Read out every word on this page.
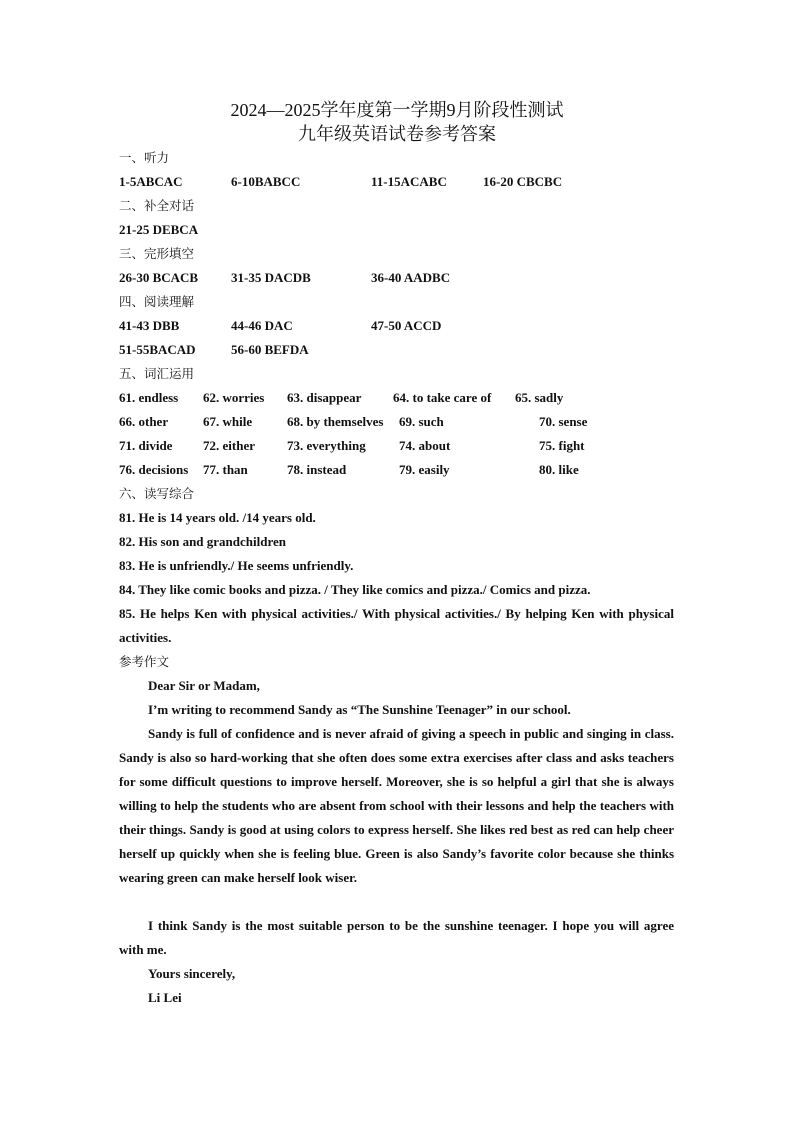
2024—2025学年度第一学期9月阶段性测试
九年级英语试卷参考答案
一、听力
1-5ABCAC	6-10BABCC	11-15ACABC	16-20 CBCBC
二、补全对话
21-25 DEBCA
三、完形填空
26-30 BCACB	31-35 DACDB	36-40 AADBC
四、阅读理解
41-43 DBB	44-46 DAC	47-50 ACCD
51-55BACAD	56-60 BEFDA
五、词汇运用
61. endless 62. worries 63. disappear 64. to take care of 65. sadly
66. other	67. while	68. by themselves 69. such	70. sense
71. divide 72. either 73. everything	74. about	75. fight
76. decisions 77. than	78. instead	79. easily	80. like
六、读写综合
81. He is 14 years old. /14 years old.
82. His son and grandchildren
83. He is unfriendly./ He seems unfriendly.
84. They like comic books and pizza. / They like comics and pizza./ Comics and pizza.
85. He helps Ken with physical activities./ With physical activities./ By helping Ken with physical activities.
参考作文
Dear Sir or Madam,
I’m writing to recommend Sandy as “The Sunshine Teenager” in our school.
Sandy is full of confidence and is never afraid of giving a speech in public and singing in class. Sandy is also so hard-working that she often does some extra exercises after class and asks teachers for some difficult questions to improve herself. Moreover, she is so helpful a girl that she is always willing to help the students who are absent from school with their lessons and help the teachers with their things. Sandy is good at using colors to express herself. She likes red best as red can help cheer herself up quickly when she is feeling blue. Green is also Sandy’s favorite color because she thinks wearing green can make herself look wiser.
I think Sandy is the most suitable person to be the sunshine teenager. I hope you will agree with me.
Yours sincerely,
Li Lei
